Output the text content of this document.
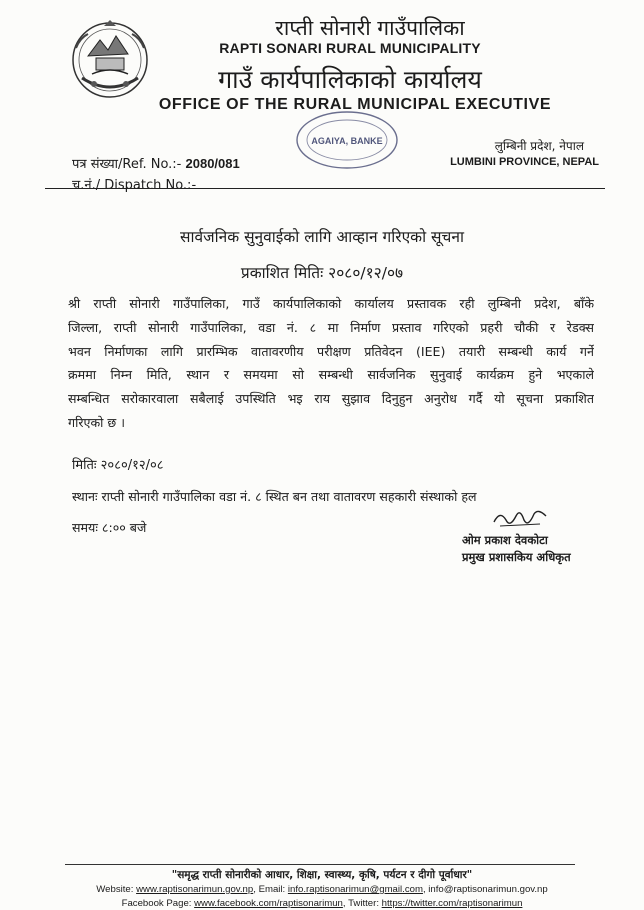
राप्ती सोनारी गाउँपालिका
RAPTI SONARI RURAL MUNICIPALITY
गाउँ कार्यपालिकाको कार्यालय
OFFICE OF THE RURAL MUNICIPAL EXECUTIVE
AGAIYA, BANKE	लुम्बिनी प्रदेश, नेपाल
LUMBINI PROVINCE, NEPAL
पत्र संख्या/Ref. No.:- 2080/081
च.नं./ Dispatch No.:-
सार्वजनिक सुनुवाईको लागि आव्हान गरिएको सूचना
प्रकाशित मितिः २०८०/१२/०७
श्री राप्ती सोनारी गाउँपालिका, गाउँ कार्यपालिकाको कार्यालय प्रस्तावक रही लुम्बिनी प्रदेश, बाँके
जिल्ला, राप्ती सोनारी गाउँपालिका, वडा नं. ८ मा निर्माण प्रस्ताव गरिएको प्रहरी चौकी र रेडक्स
भवन निर्माणका लागि प्रारम्भिक वातावरणीय परीक्षण प्रतिवेदन (IEE) तयारी सम्बन्धी कार्य गर्ने
क्रममा निम्न मिति, स्थान र समयमा सो सम्बन्धी सार्वजनिक सुनुवाई कार्यक्रम हुने भएकाले
सम्बन्धित सरोकारवाला सबैलाई उपस्थिति भइ राय सुझाव दिनुहुन अनुरोध गर्दै यो सूचना प्रकाशित
गरिएको छ ।
मितिः २०८०/१२/०८
स्थानः राप्ती सोनारी गाउँपालिका वडा नं. ८ स्थित बन तथा वातावरण सहकारी संस्थाको हल
समयः ८:०० बजे
ओम प्रकाश देवकोटा
प्रमुख प्रशासकिय अधिकृत
"समृद्ध राप्ती सोनारीको आधार, शिक्षा, स्वास्थ्य, कृषि, पर्यटन र दीगो पूर्वाधार"
Website: www.raptisonarimun.gov.np, Email: info.raptisonarimun@gmail.com, info@raptisonarimun.gov.np
Facebook Page: www.facebook.com/raptisonarimun, Twitter: https://twitter.com/raptisonarimun
